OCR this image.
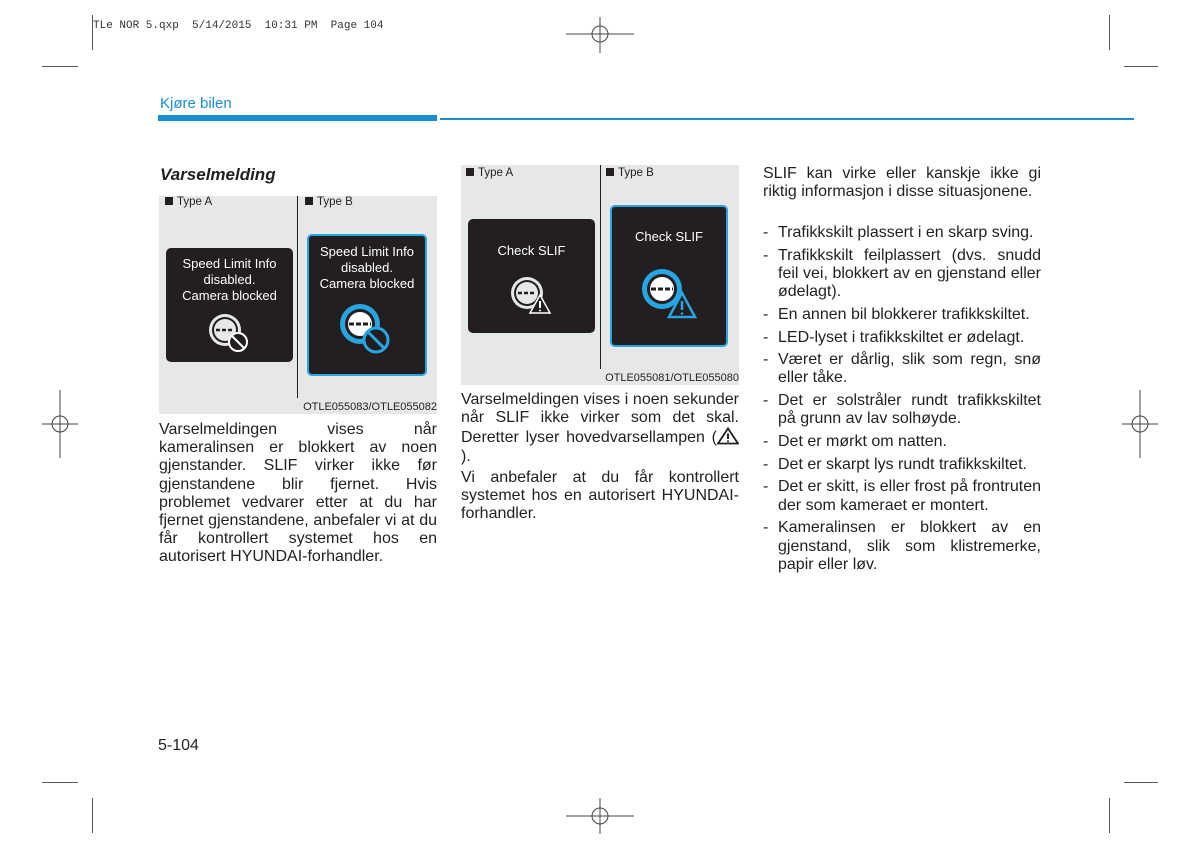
TLe NOR 5.qxp  5/14/2015  10:31 PM  Page 104
Kjøre bilen
Varselmelding
Type A	Type B
Speed Limit Info
disabled.
Camera blocked
Speed Limit Info
disabled.
Camera blocked
OTLE055083/OTLE055082
Type A	Type B
Check SLIF
Check SLIF
OTLE055081/OTLE055080
Varselmeldingen vises når kameralinsen er blokkert av noen gjenstander. SLIF virker ikke før gjenstandene blir fjernet. Hvis problemet vedvarer etter at du har fjernet gjenstandene, anbefaler vi at du får kontrollert systemet hos en autorisert HYUNDAI-forhandler.
Varselmeldingen vises i noen sekunder når SLIF ikke virker som det skal. Deretter lyser hovedvarsellampen ().
Vi anbefaler at du får kontrollert systemet hos en autorisert HYUNDAI-forhandler.
SLIF kan virke eller kanskje ikke gi riktig informasjon i disse situasjonene.
- Trafikkskilt plassert i en skarp sving.
- Trafikkskilt feilplassert (dvs. snudd feil vei, blokkert av en gjenstand eller ødelagt).
- En annen bil blokkerer trafikkskiltet.
- LED-lyset i trafikkskiltet er ødelagt.
- Været er dårlig, slik som regn, snø eller tåke.
- Det er solstråler rundt trafikkskiltet på grunn av lav solhøyde.
- Det er mørkt om natten.
- Det er skarpt lys rundt trafikkskiltet.
- Det er skitt, is eller frost på frontruten der som kameraet er montert.
- Kameralinsen er blokkert av en gjenstand, slik som klistremerke, papir eller løv.
5-104
